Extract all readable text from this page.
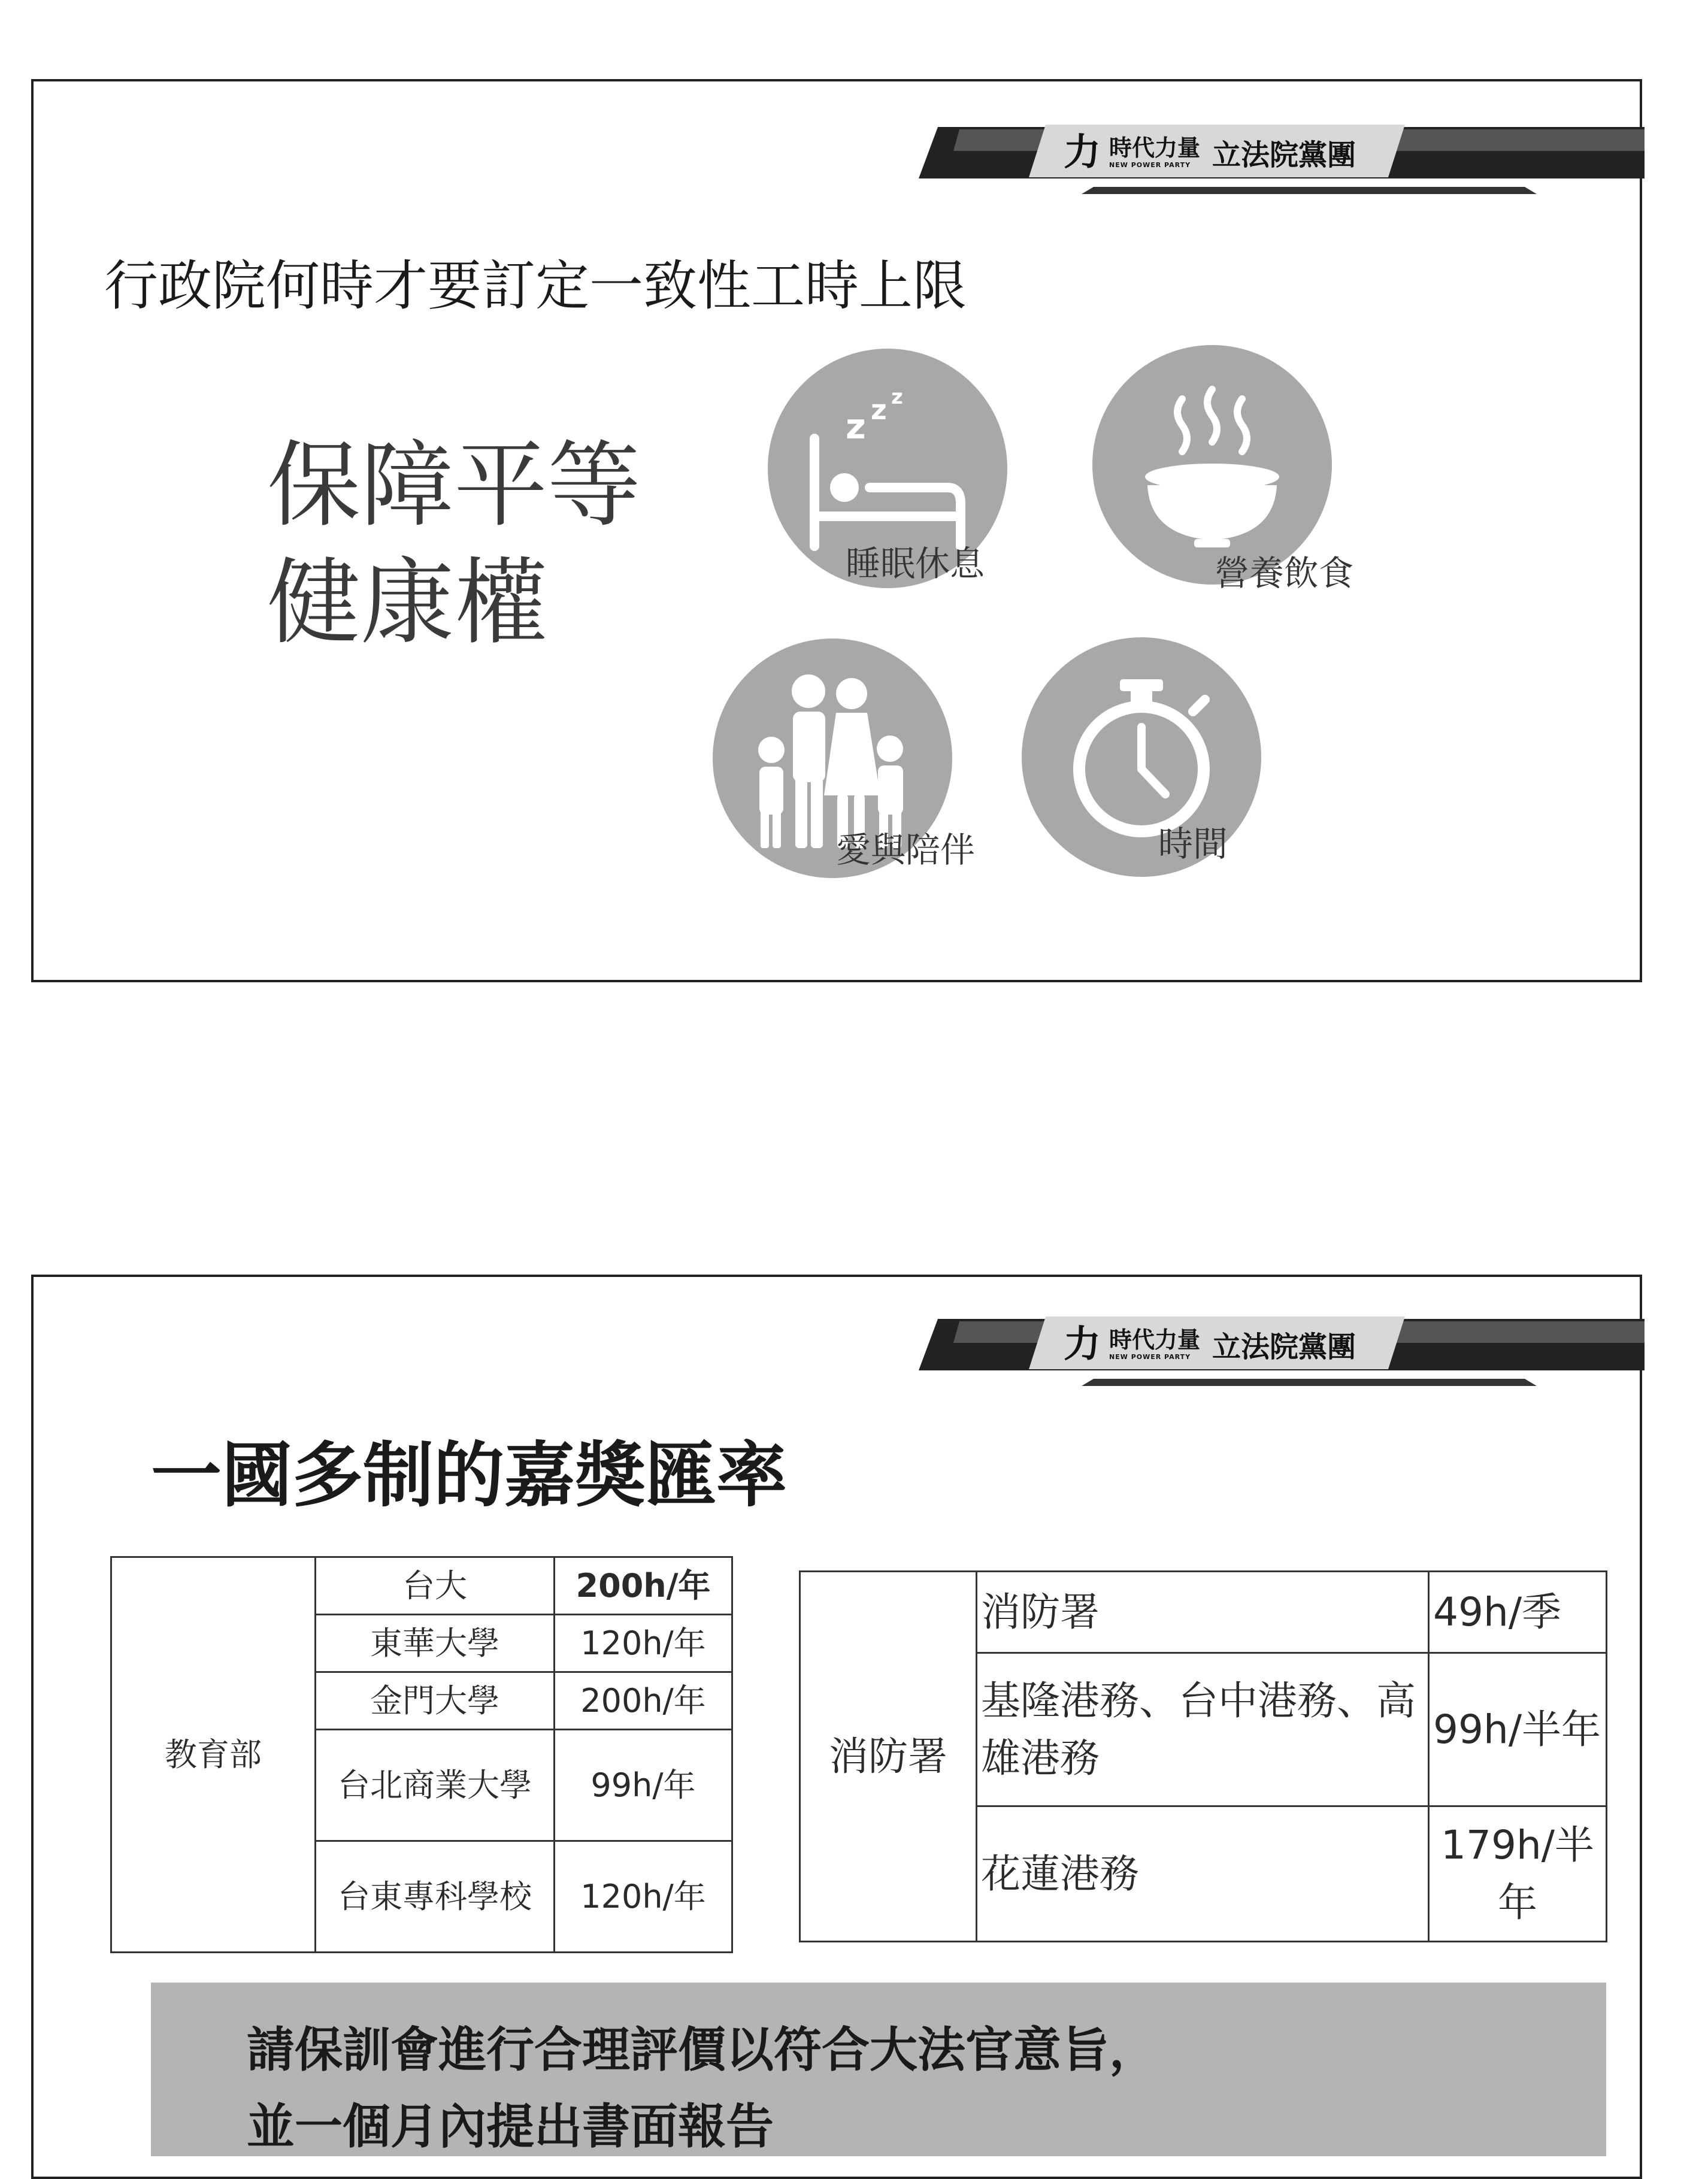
力 時代力量
NEW POWER PARTY 立法院黨團
行政院何時才要訂定一致性工時上限
保障平等
健康權
z z z
睡眠休息	營養飲食
愛與陪伴	時間
力 時代力量
NEW POWER PARTY 立法院黨團
一國多制的嘉獎匯率
教育部	台大	200h/年
	東華大學	120h/年
	金門大學	200h/年
	台北商業大學	99h/年
	台東專科學校	120h/年
消防署	消防署	49h/季
	基隆港務、台中港務、高雄港務	99h/半年
	花蓮港務	179h/半年
請保訓會進行合理評價以符合大法官意旨，
並一個月內提出書面報告
